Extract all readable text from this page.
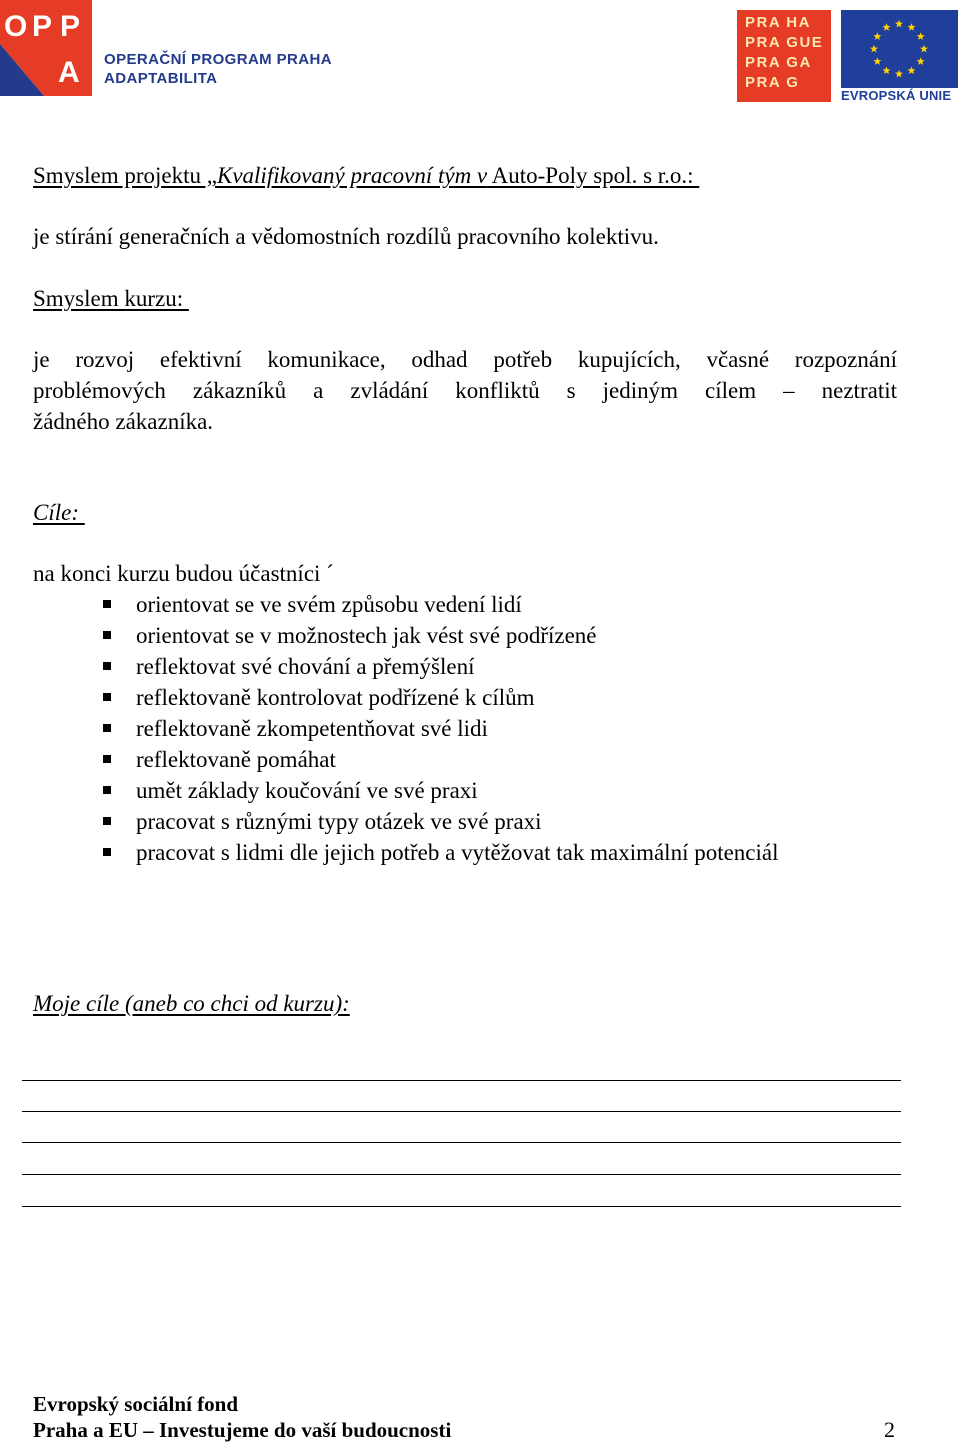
O P P
A OPERAČNÍ PROGRAM PRAHA
ADAPTABILITA
PRA HA
PRA GUE
PRA GA
PRA G
EVROPSKÁ UNIE
Smyslem projektu „Kvalifikovaný pracovní tým v Auto-Poly spol. s r.o.:
je stírání generačních a vědomostních rozdílů pracovního kolektivu.
Smyslem kurzu:
je rozvoj efektivní komunikace, odhad potřeb kupujících, včasné rozpoznání
problémových zákazníků a zvládání konfliktů s jediným cílem – neztratit
žádného zákazníka.
Cíle:
na konci kurzu budou účastníci ´
orientovat se ve svém způsobu vedení lidí
orientovat se v možnostech jak vést své podřízené
reflektovat své chování a přemýšlení
reflektovaně kontrolovat podřízené k cílům
reflektovaně zkompetentňovat své lidi
reflektovaně pomáhat
umět základy koučování ve své praxi
pracovat s různými typy otázek ve své praxi
pracovat s lidmi dle jejich potřeb a vytěžovat tak maximální potenciál
Moje cíle (aneb co chci od kurzu):
Evropský sociální fond
Praha a EU – Investujeme do vaší budoucnosti	2
